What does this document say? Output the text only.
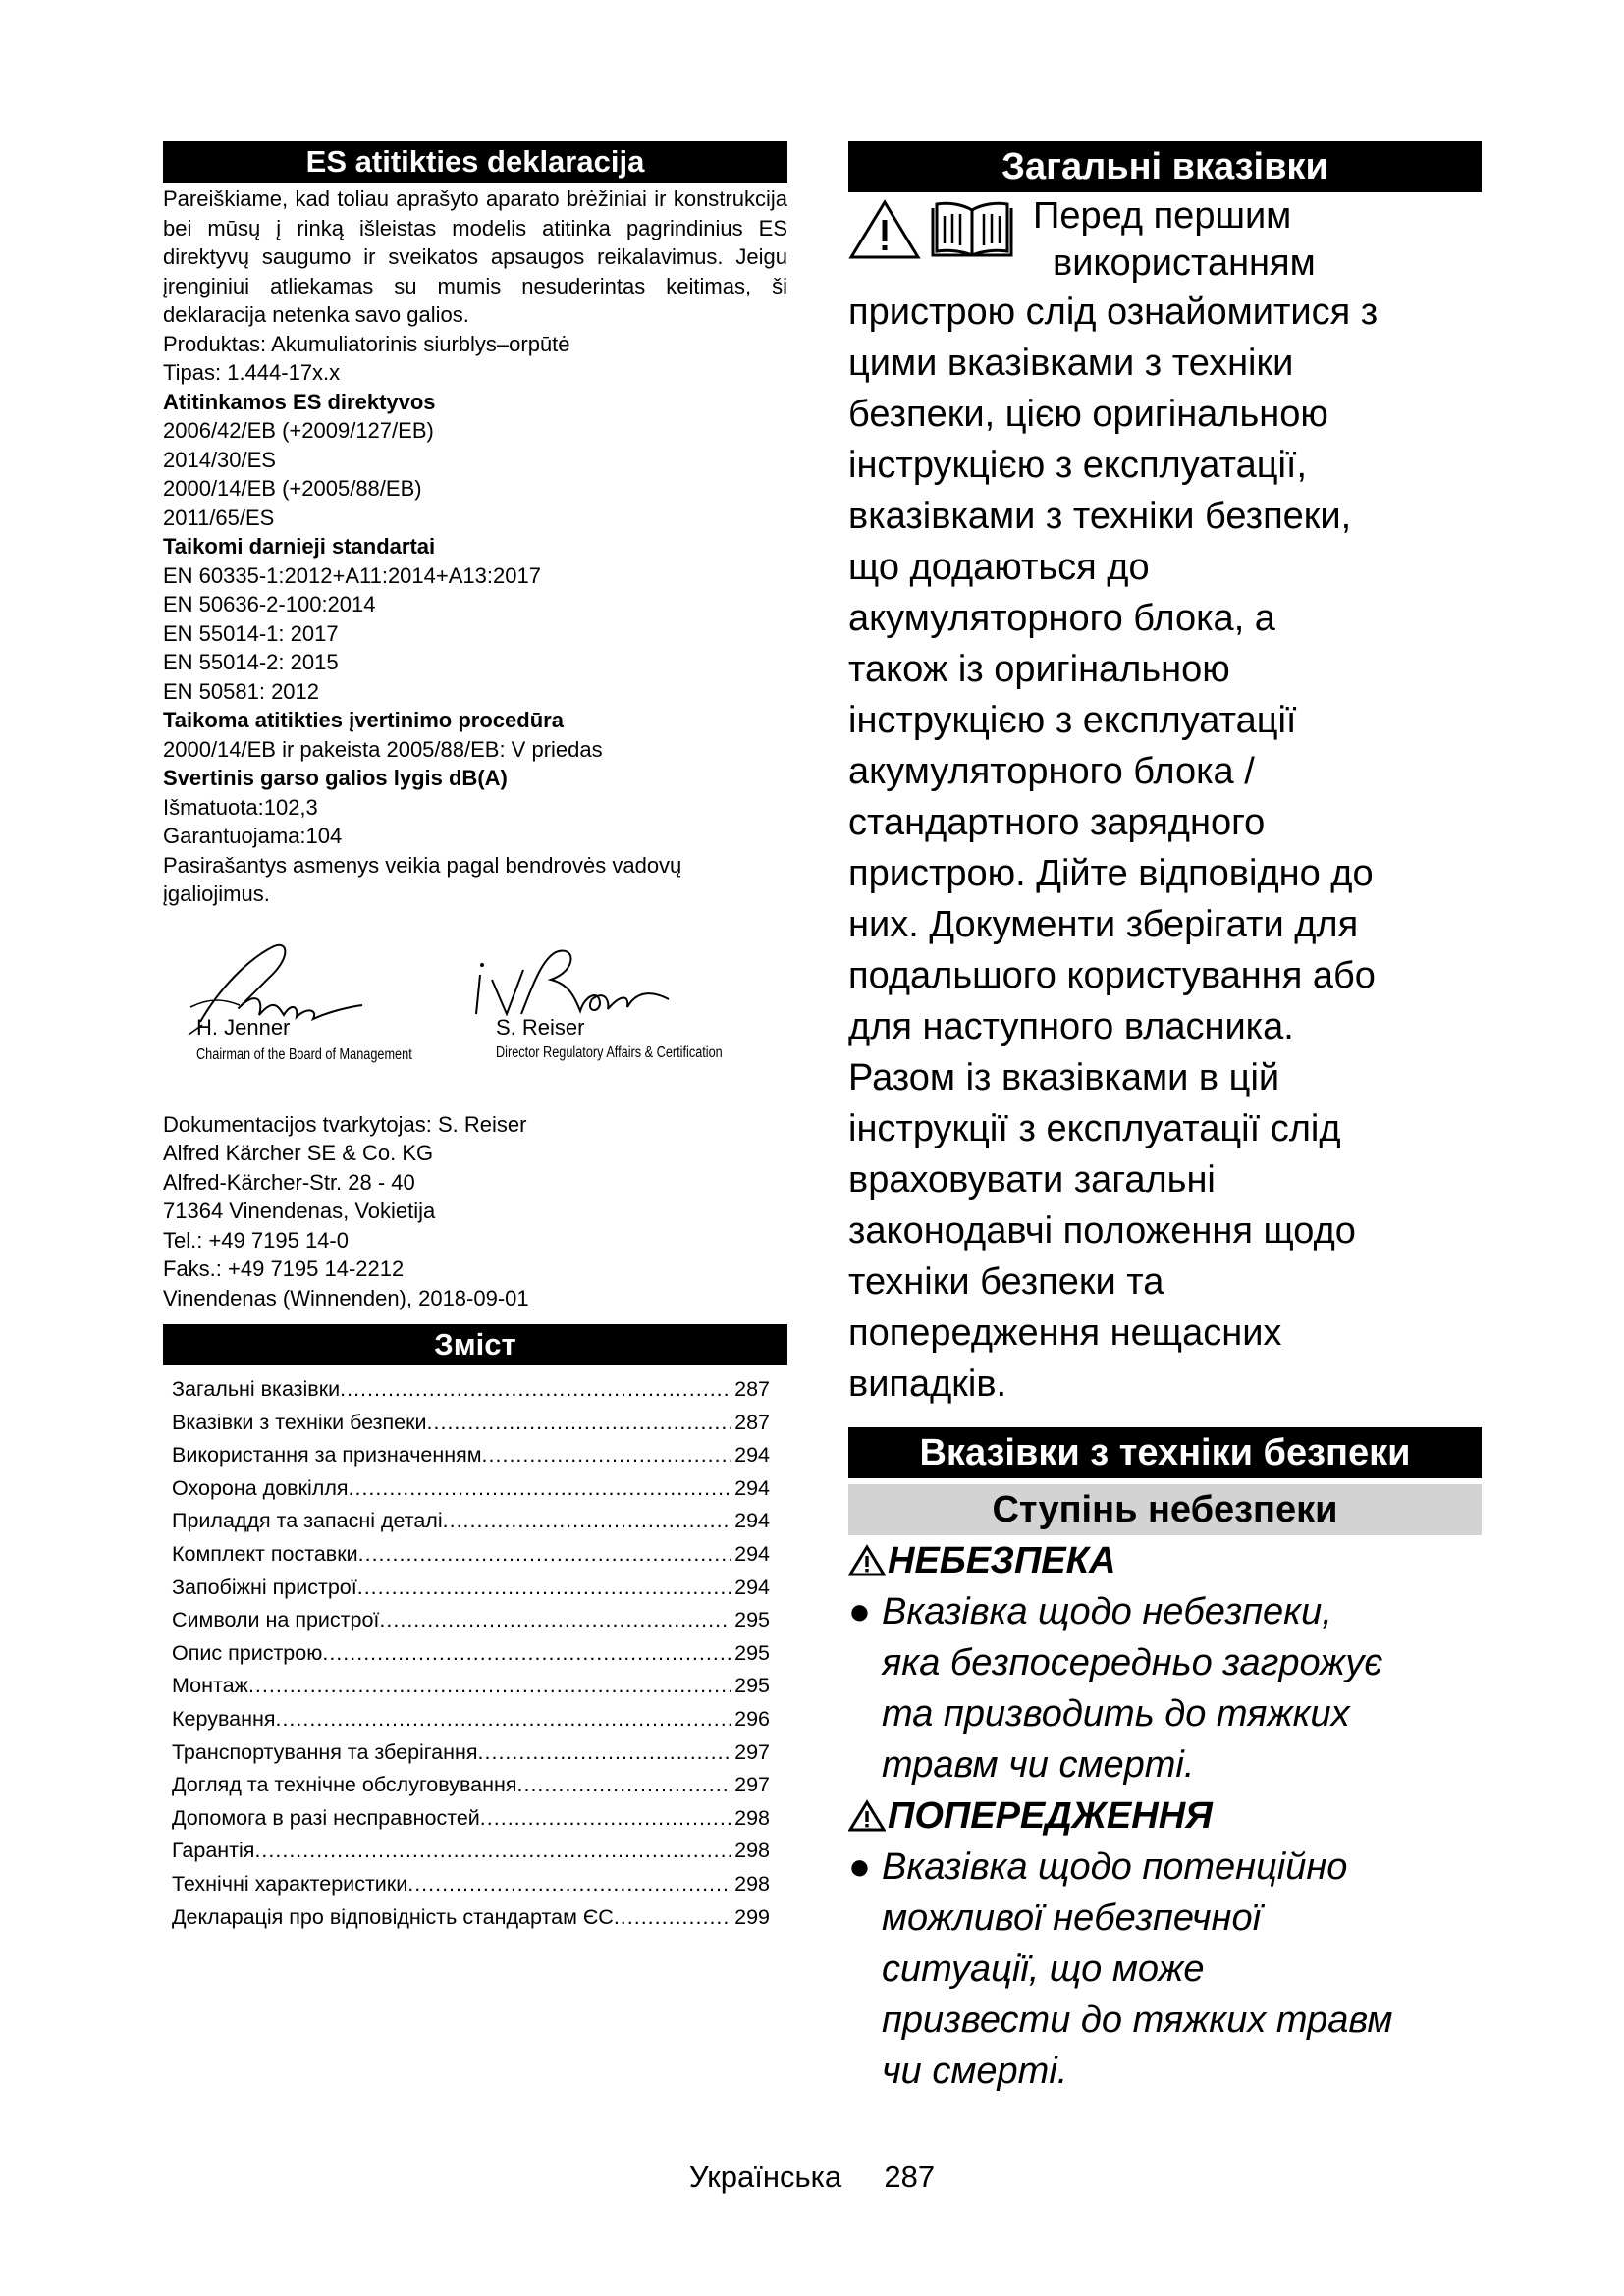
ES atitikties deklaracija

Pareiškiame, kad toliau aprašyto aparato brėžiniai ir konstrukcija bei mūsų į rinką išleistas modelis atitinka pagrindinius ES direktyvų saugumo ir sveikatos apsaugos reikalavimus. Jeigu įrenginiui atliekamas su mumis nesuderintas keitimas, ši deklaracija netenka savo galios.

Produktas: Akumuliatorinis siurblys–orpūtė

Tipas: 1.444-17x.x

Atitinkamos ES direktyvos

2006/42/EB (+2009/127/EB)

2014/30/ES

2000/14/EB (+2005/88/EB)

2011/65/ES

Taikomi darnieji standartai

EN 60335-1:2012+A11:2014+A13:2017

EN 50636-2-100:2014

EN 55014-1: 2017

EN 55014-2: 2015

EN 50581: 2012

Taikoma atitikties įvertinimo procedūra

2000/14/EB ir pakeista 2005/88/EB: V priedas

Svertinis garso galios lygis dB(A)

Išmatuota:102,3

Garantuojama:104

Pasirašantys asmenys veikia pagal bendrovės vadovų įgaliojimus.

H. Jenner
Chairman of the Board of Management
S. Reiser
Director Regulatory Affairs & Certification

Dokumentacijos tvarkytojas: S. Reiser

Alfred Kärcher SE & Co. KG

Alfred-Kärcher-Str. 28 - 40

71364 Vinendenas, Vokietija

Tel.: +49 7195 14-0

Faks.: +49 7195 14-2212

Vinendenas (Winnenden), 2018-09-01

Зміст
Загальні вказівки .....	287
Вказівки з техніки безпеки .....	287
Використання за призначенням .....	294
Охорона довкілля .....	294
Приладдя та запасні деталі .....	294
Комплект поставки .....	294
Запобіжні пристрої .....	294
Символи на пристрої .....	295
Опис пристрою .....	295
Монтаж .....	295
Керування .....	296
Транспортування та зберігання .....	297
Догляд та технічне обслуговування .....	297
Допомога в разі несправностей .....	298
Гарантія .....	298
Технічні характеристики .....	298
Декларація про відповідність стандартам ЄС .....	299
Загальні вказівки
Перед першим
використанням

пристрою слід ознайомитися з

цими вказівками з техніки

безпеки, цією оригінальною

інструкцією з експлуатації,

вказівками з техніки безпеки,

що додаються до

акумуляторного блока, а

також із оригінальною

інструкцією з експлуатації

акумуляторного блока /

стандартного зарядного

пристрою. Дійте відповідно до

них. Документи зберігати для

подальшого користування або

для наступного власника.

Разом із вказівками в цій

інструкції з експлуатації слід

враховувати загальні

законодавчі положення щодо

техніки безпеки та

попередження нещасних

випадків.

Вказівки з техніки безпеки
Ступінь небезпеки
НЕБЕЗПЕКА
● Вказівка щодо небезпеки,
яка безпосередньо загрожує
та призводить до тяжких
травм чи смерті.
ПОПЕРЕДЖЕННЯ
● Вказівка щодо потенційно
можливої небезпечної
ситуації, що може
призвести до тяжких травм
чи смерті.
Українська 287
